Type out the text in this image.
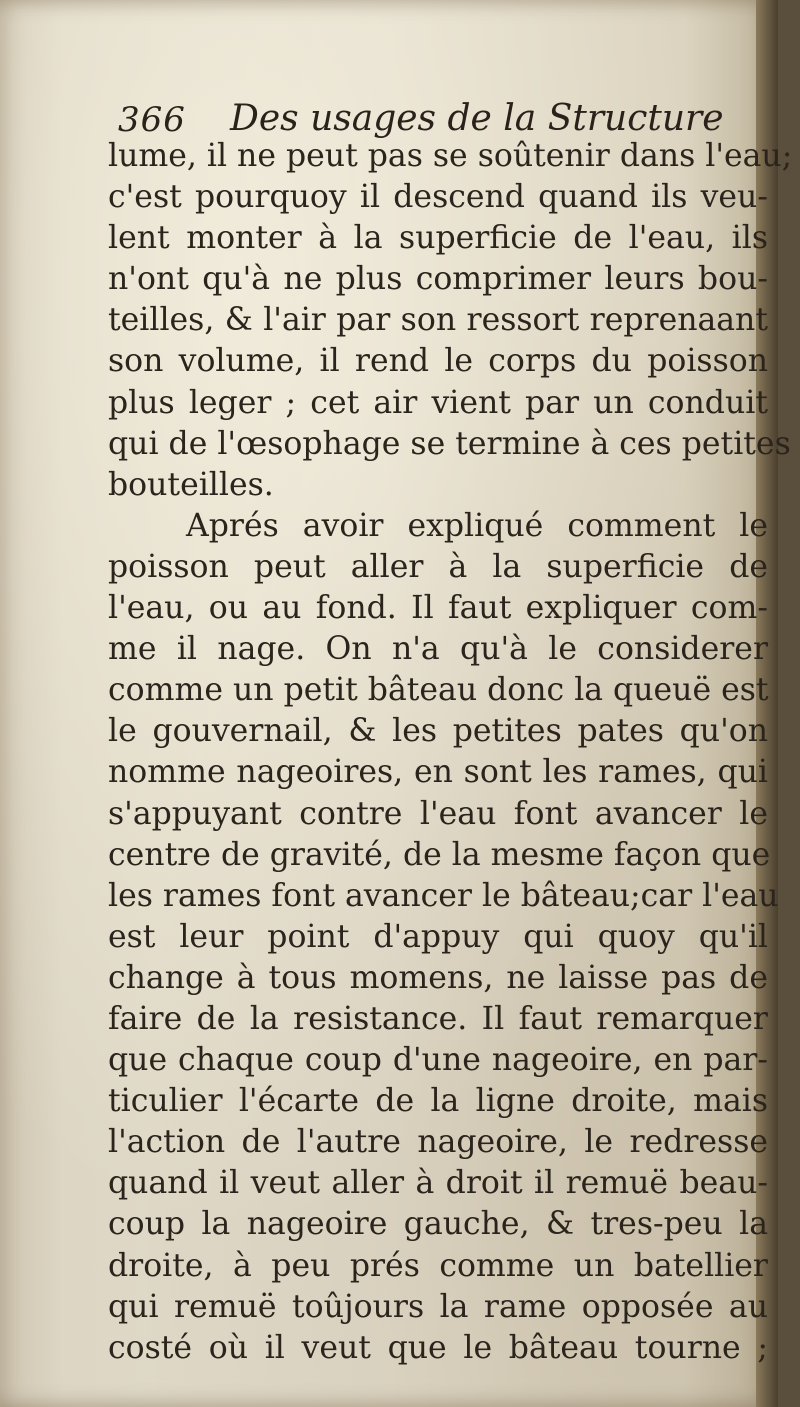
366 Des usages de la Structure
lume, il ne peut pas se soûtenir dans l'eau;
c'est pourquoy il descend quand ils veu-
lent monter à la superficie de l'eau, ils
n'ont qu'à ne plus comprimer leurs bou-
teilles, & l'air par son ressort reprenaant
son volume, il rend le corps du poisson
plus leger ; cet air vient par un conduit
qui de l'œsophage se termine à ces petites
bouteilles.
Aprés avoir expliqué comment le
poisson peut aller à la superficie de
l'eau, ou au fond. Il faut expliquer com-
me il nage. On n'a qu'à le considerer
comme un petit bâteau donc la queuë est
le gouvernail, & les petites pates qu'on
nomme nageoires, en sont les rames, qui
s'appuyant contre l'eau font avancer le
centre de gravité, de la mesme façon que
les rames font avancer le bâteau;car l'eau
est leur point d'appuy qui quoy qu'il
change à tous momens, ne laisse pas de
faire de la resistance. Il faut remarquer
que chaque coup d'une nageoire, en par-
ticulier l'écarte de la ligne droite, mais
l'action de l'autre nageoire, le redresse
quand il veut aller à droit il remuë beau-
coup la nageoire gauche, & tres-peu la
droite, à peu prés comme un batellier
qui remuë toûjours la rame opposée au
costé où il veut que le bâteau tourne ;
